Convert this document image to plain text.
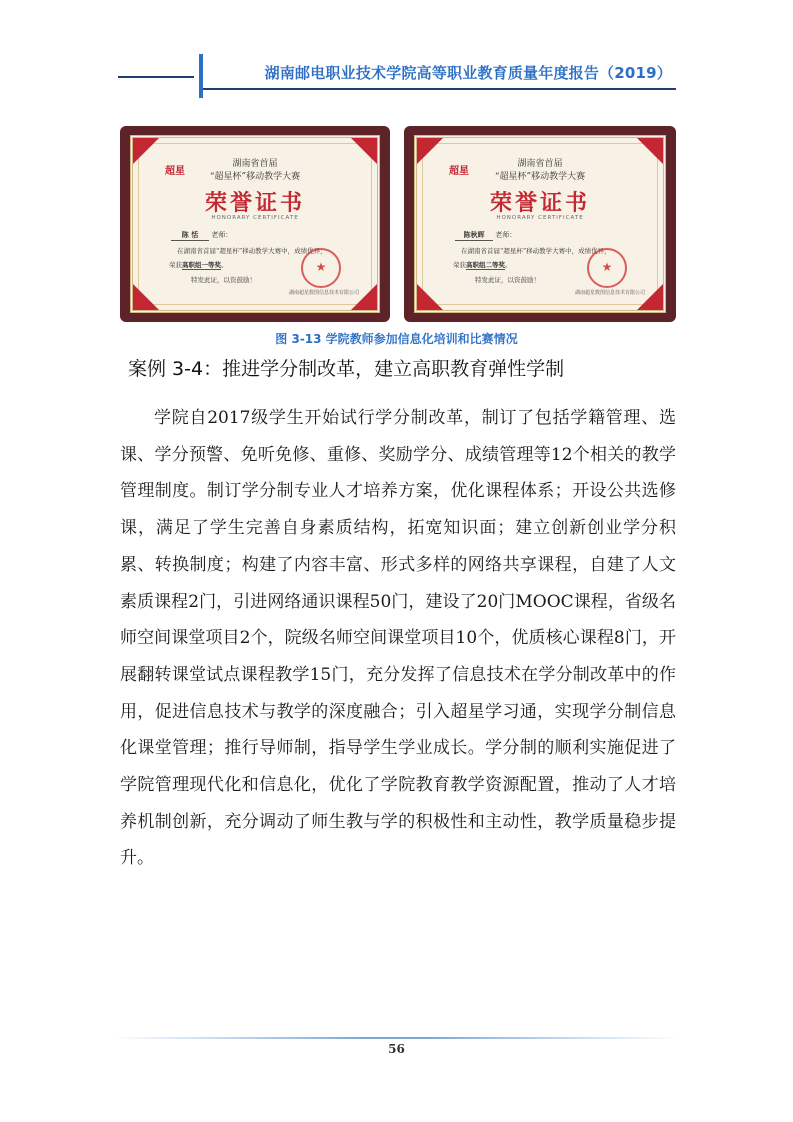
湖南邮电职业技术学院高等职业教育质量年度报告（2019）
超星
湖南省首届
“超星杯”移动教学大赛
荣誉证书
HONORARY CERTIFICATE
陈 恬 老师：
在湖南省首届“超星杯”移动教学大赛中，成绩优异，
荣获高职组一等奖。
特发此证，以资鼓励！
★
湖南超星数图信息技术有限公司
超星
湖南省首届
“超星杯”移动教学大赛
荣誉证书
HONORARY CERTIFICATE
陈秋晖 老师：
在湖南省首届“超星杯”移动教学大赛中，成绩优异，
荣获高职组二等奖。
特发此证，以资鼓励！
★
湖南超星数图信息技术有限公司
图 3-13 学院教师参加信息化培训和比赛情况
案例 3-4：推进学分制改革，建立高职教育弹性学制

学院自2017级学生开始试行学分制改革，制订了包括学籍管理、选课、学分预警、免听免修、重修、奖励学分、成绩管理等12个相关的教学管理制度。制订学分制专业人才培养方案，优化课程体系；开设公共选修课，满足了学生完善自身素质结构，拓宽知识面；建立创新创业学分积累、转换制度；构建了内容丰富、形式多样的网络共享课程，自建了人文素质课程2门，引进网络通识课程50门，建设了20门MOOC课程，省级名师空间课堂项目2个，院级名师空间课堂项目10个，优质核心课程8门，开展翻转课堂试点课程教学15门，充分发挥了信息技术在学分制改革中的作用，促进信息技术与教学的深度融合；引入超星学习通，实现学分制信息化课堂管理；推行导师制，指导学生学业成长。学分制的顺利实施促进了学院管理现代化和信息化，优化了学院教育教学资源配置，推动了人才培养机制创新，充分调动了师生教与学的积极性和主动性，教学质量稳步提升。

56
